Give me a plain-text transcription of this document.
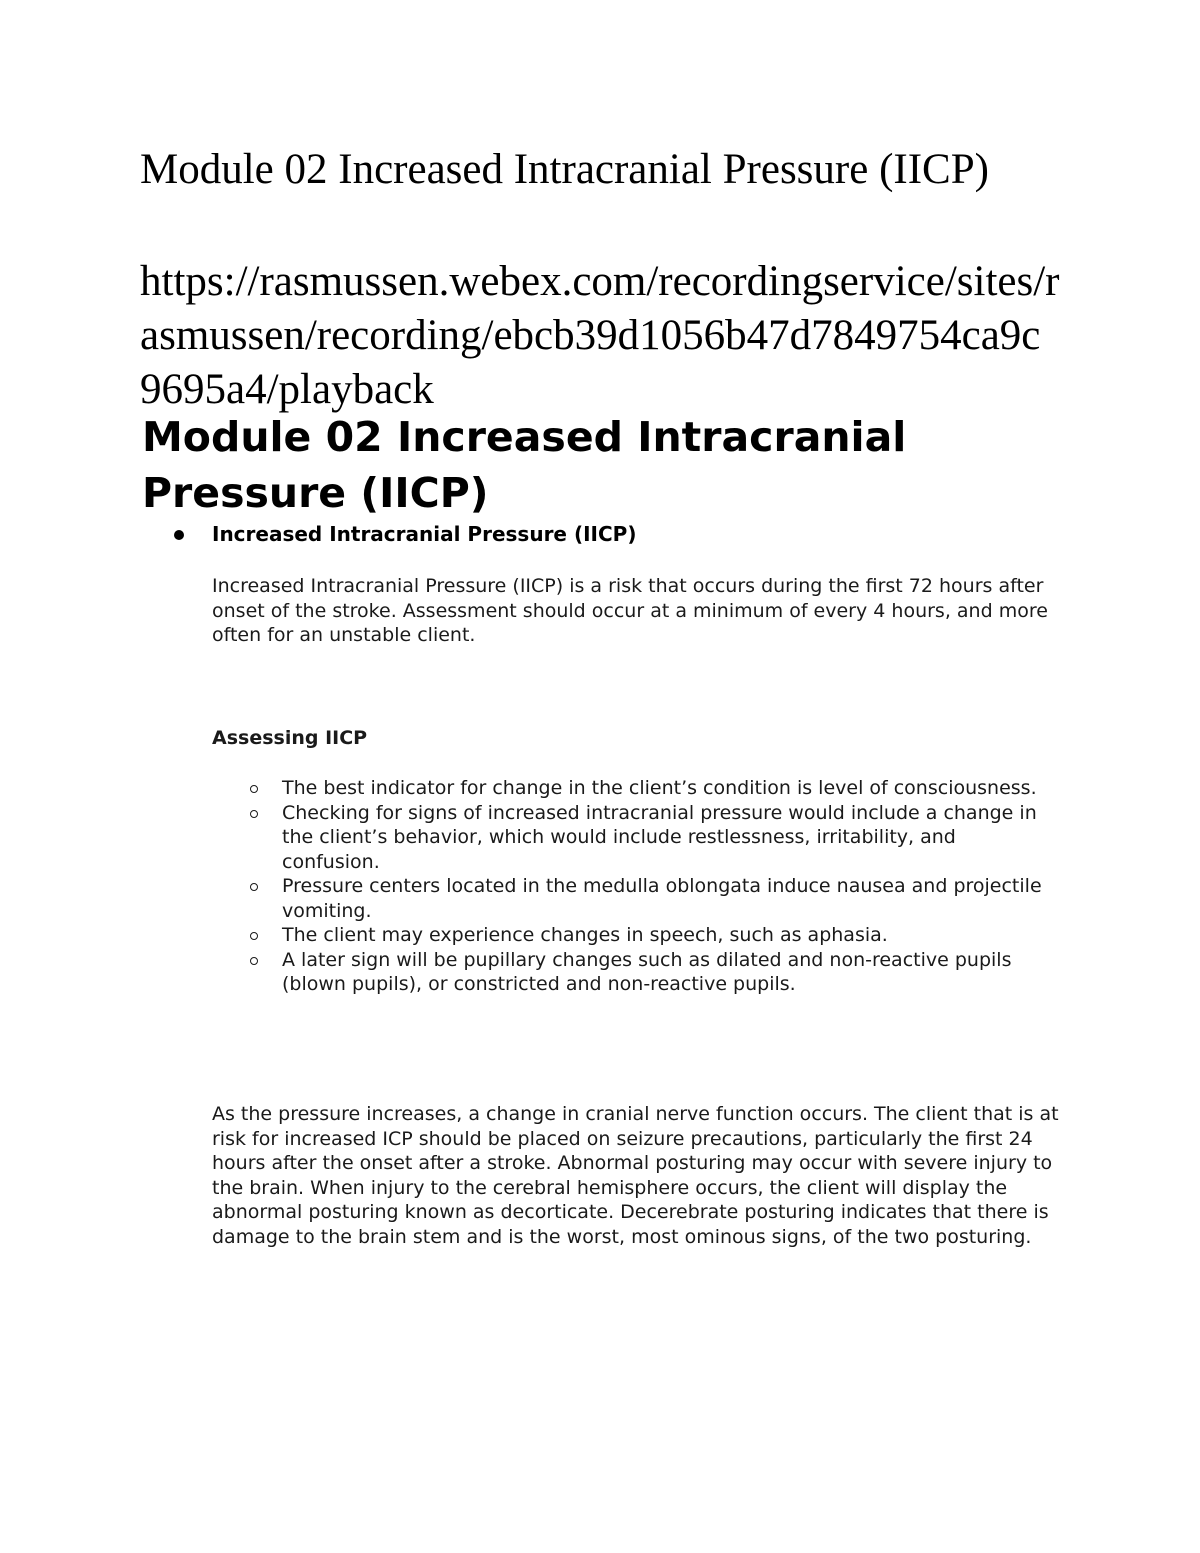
Module 02 Increased Intracranial Pressure (IICP)

https://rasmussen.webex.com/recordingservice/sites/rasmussen/recording/ebcb39d1056b47d7849754ca9c9695a4/playback

Module 02 Increased Intracranial Pressure (IICP)
Increased Intracranial Pressure (IICP)

Increased Intracranial Pressure (IICP) is a risk that occurs during the first 72 hours after onset of the stroke. Assessment should occur at a minimum of every 4 hours, and more often for an unstable client.

Assessing IICP

The best indicator for change in the client’s condition is level of consciousness.
Checking for signs of increased intracranial pressure would include a change in the client’s behavior, which would include restlessness, irritability, and confusion.
Pressure centers located in the medulla oblongata induce nausea and projectile vomiting.
The client may experience changes in speech, such as aphasia.
A later sign will be pupillary changes such as dilated and non-reactive pupils (blown pupils), or constricted and non-reactive pupils.

As the pressure increases, a change in cranial nerve function occurs. The client that is at risk for increased ICP should be placed on seizure precautions, particularly the first 24 hours after the onset after a stroke. Abnormal posturing may occur with severe injury to the brain. When injury to the cerebral hemisphere occurs, the client will display the abnormal posturing known as decorticate. Decerebrate posturing indicates that there is damage to the brain stem and is the worst, most ominous signs, of the two posturing.
